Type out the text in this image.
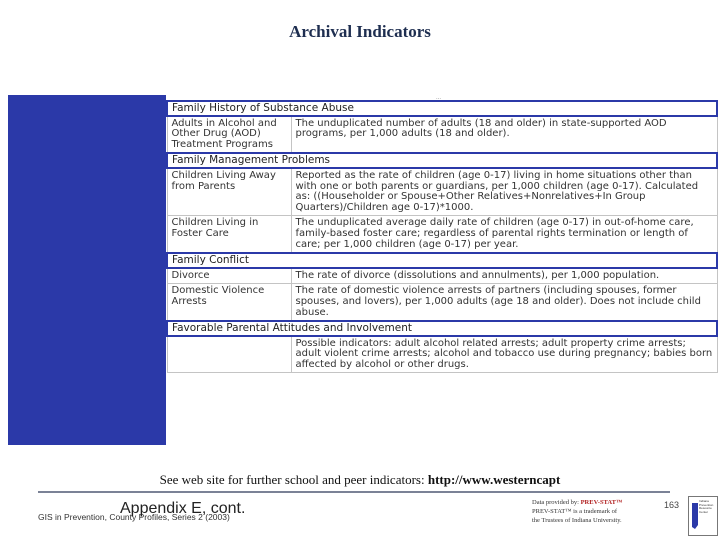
Archival Indicators
...
Family History of Substance Abuse	
Adults in Alcohol and Other Drug (AOD) Treatment Programs	The unduplicated number of adults (18 and older) in state-supported AOD programs, per 1,000 adults (18 and older).
Family Management Problems	
Children Living Away from Parents	Reported as the rate of children (age 0-17) living in home situations other than with one or both parents or guardians, per 1,000 children (age 0-17). Calculated as: ((Householder or Spouse+Other Relatives+Nonrelatives+In Group Quarters)/Children age 0-17)*1000.
Children Living in Foster Care	The unduplicated average daily rate of children (age 0-17) in out-of-home care, family-based foster care; regardless of parental rights termination or length of care; per 1,000 children (age 0-17) per year.
Family Conflict	
Divorce	The rate of divorce (dissolutions and annulments), per 1,000 population.
Domestic Violence Arrests	The rate of domestic violence arrests of partners (including spouses, former spouses, and lovers), per 1,000 adults (age 18 and older). Does not include child abuse.
Favorable Parental Attitudes and Involvement	
	Possible indicators: adult alcohol related arrests; adult property crime arrests; adult violent crime arrests; alcohol and tobacco use during pregnancy; babies born affected by alcohol or other drugs.
See web site for further school and peer indicators: http://www.westerncapt
GIS in Prevention, County Profiles, Series 2 (2003)
Appendix E, cont.	Data provided by: PREV-STAT™
PREV-STAT™ is a trademark of
the Trustees of Indiana University.
163	Indiana Prevention Resource Center
